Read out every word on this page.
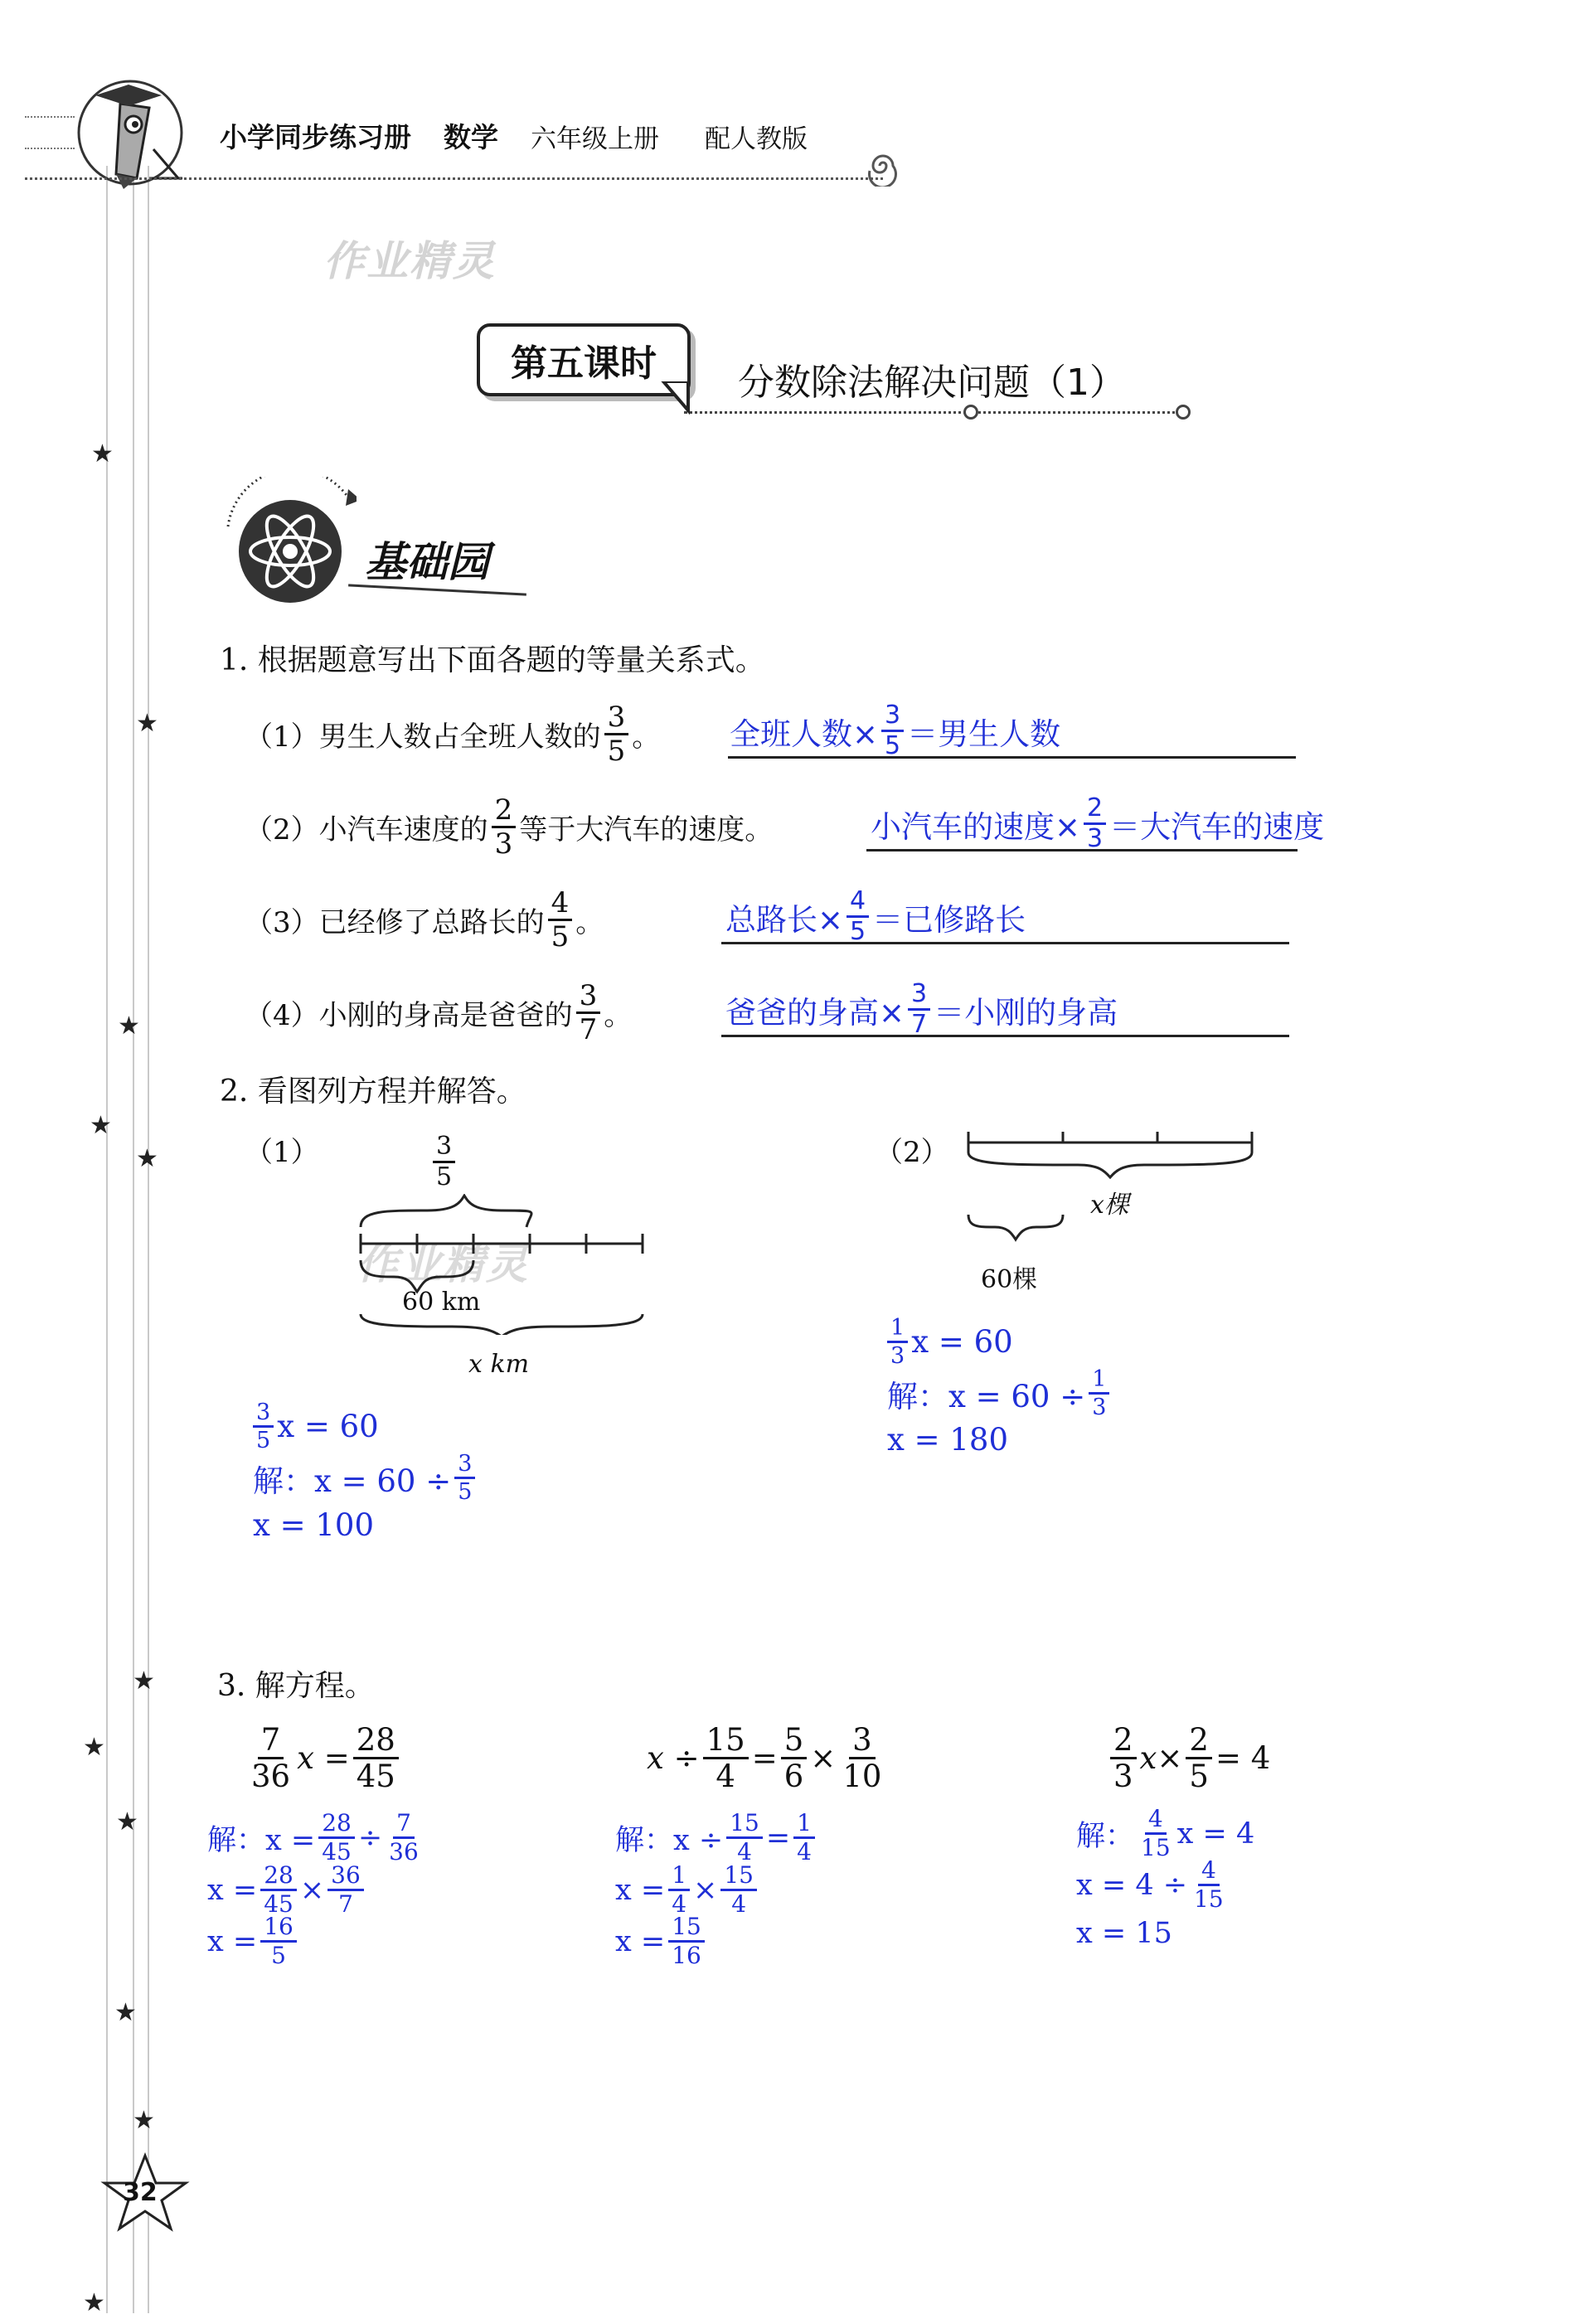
★
★
★
★
★
★
★
★
★
★
★
小学同步练习册 数学 六年级上册 配人教版
作业精灵
作业精灵
第五课时	分数除法解决问题（1）
基础园
1. 根据题意写出下面各题的等量关系式。
（1）男生人数占全班人数的 $\frac{3}{5}$ 。 全班人数× $\frac{3}{5}$ ＝男生人数
（2）小汽车速度的 $\frac{2}{3}$ 等于大汽车的速度。	小汽车的速度× $\frac{2}{3}$ ＝大汽车的速度
（3）已经修了总路长的 $\frac{4}{5}$ 。	总路长× $\frac{4}{5}$ ＝已修路长
（4）小刚的身高是爸爸的 $\frac{3}{7}$ 。	爸爸的身高× $\frac{3}{7}$ ＝小刚的身高
2. 看图列方程并解答。
（1）	$\frac{3}{5}$
60 km
x km
$\frac{3}{5}$ x = 60
解：$x = 60 \div \frac{3}{5}$
x = 100
（2）
x棵
60棵
$\frac{1}{3}$ x = 60
解：$x = 60 \div \frac{1}{3}$
x = 180
3. 解方程。
$\frac{7}{36}$ $x = \frac{28}{45}$
解：$x = \frac{28}{45} \div \frac{7}{36}$
$x = \frac{28}{45} \times \frac{36}{7}$
$x = \frac{16}{5}$
$x \div \frac{15}{4} = \frac{5}{6} \times \frac{3}{10}$
解：$x \div \frac{15}{4} = \frac{1}{4}$
$x = \frac{1}{4} \times \frac{15}{4}$
$x = \frac{15}{16}$
$\frac{2}{3} x\times \frac{2}{5} = 4$
解： $\frac{4}{15}$ x = 4
$x = 4 \div \frac{4}{15}$
x = 15
32
